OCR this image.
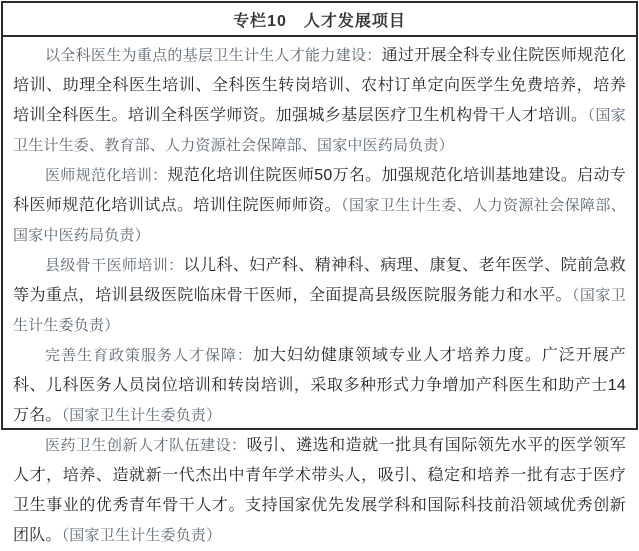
专栏10　人才发展项目

以全科医生为重点的基层卫生计生人才能力建设：通过开展全科专业住院医师规范化培训、助理全科医生培训、全科医生转岗培训、农村订单定向医学生免费培养，培养培训全科医生。培训全科医学师资。加强城乡基层医疗卫生机构骨干人才培训。（国家卫生计生委、教育部、人力资源社会保障部、国家中医药局负责）

医师规范化培训：规范化培训住院医师50万名。加强规范化培训基地建设。启动专科医师规范化培训试点。培训住院医师师资。（国家卫生计生委、人力资源社会保障部、国家中医药局负责）

县级骨干医师培训：以儿科、妇产科、精神科、病理、康复、老年医学、院前急救等为重点，培训县级医院临床骨干医师，全面提高县级医院服务能力和水平。（国家卫生计生委负责）

完善生育政策服务人才保障：加大妇幼健康领域专业人才培养力度。广泛开展产科、儿科医务人员岗位培训和转岗培训，采取多种形式力争增加产科医生和助产士14万名。（国家卫生计生委负责）

医药卫生创新人才队伍建设：吸引、遴选和造就一批具有国际领先水平的医学领军人才，培养、造就新一代杰出中青年学术带头人，吸引、稳定和培养一批有志于医疗卫生事业的优秀青年骨干人才。支持国家优先发展学科和国际科技前沿领域优秀创新团队。（国家卫生计生委负责）
